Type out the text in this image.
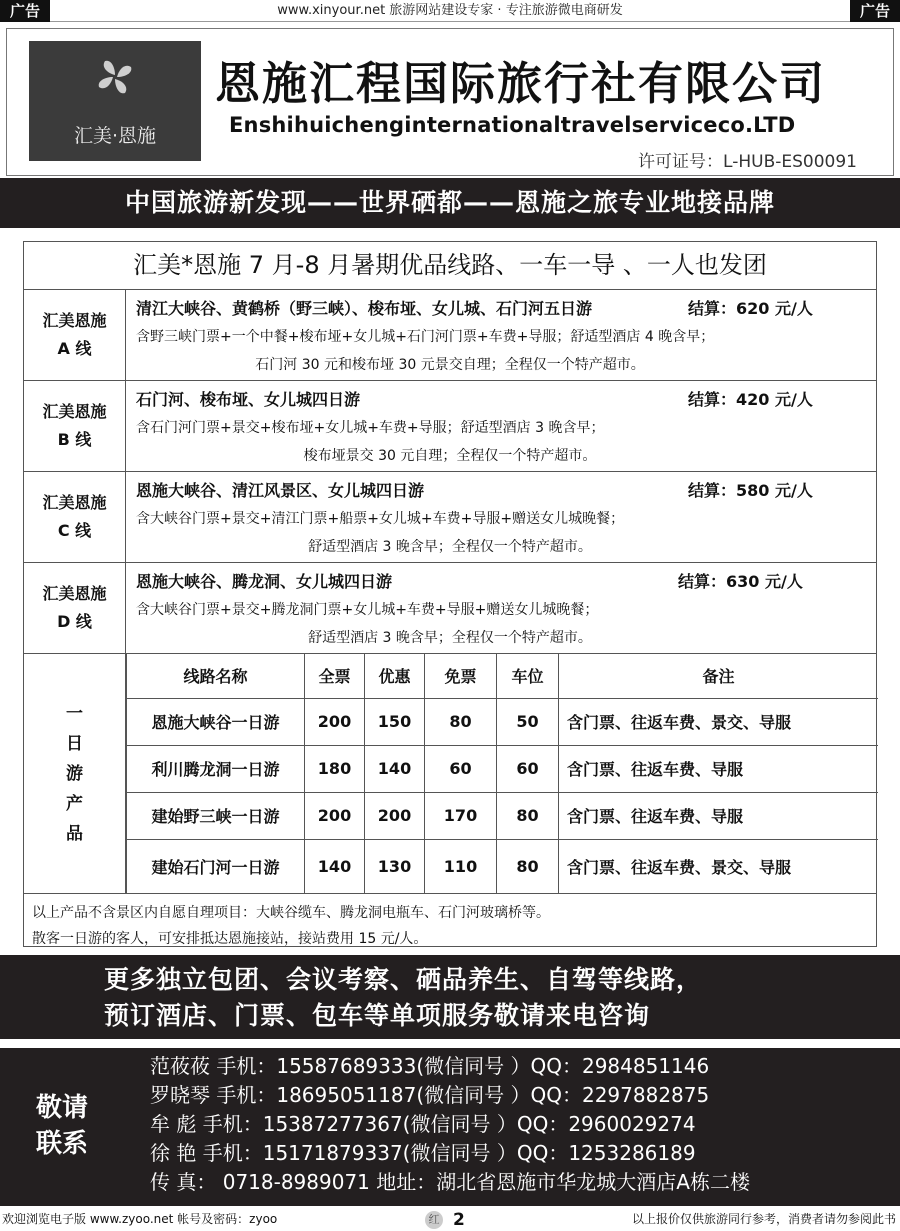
广告	www.xinyour.net 旅游网站建设专家 · 专注旅游微电商研发	广告
汇美·恩施
恩施汇程国际旅行社有限公司
Enshihuichenginternationaltravelserviceco.LTD
许可证号：L-HUB-ES00091
中国旅游新发现——世界硒都——恩施之旅专业地接品牌
汇美*恩施 7 月-8 月暑期优品线路、一车一导 、一人也发团
汇美恩施
A 线
清江大峡谷、黄鹤桥（野三峡）、梭布垭、女儿城、石门河五日游	结算：620 元/人
含野三峡门票+一个中餐+梭布垭+女儿城+石门河门票+车费+导服；舒适型酒店 4 晚含早；
石门河 30 元和梭布垭 30 元景交自理；全程仅一个特产超市。
汇美恩施
B 线
石门河、梭布垭、女儿城四日游	结算：420 元/人
含石门河门票+景交+梭布垭+女儿城+车费+导服；舒适型酒店 3 晚含早；
梭布垭景交 30 元自理；全程仅一个特产超市。
汇美恩施
C 线
恩施大峡谷、清江风景区、女儿城四日游	结算：580 元/人
含大峡谷门票+景交+清江门票+船票+女儿城+车费+导服+赠送女儿城晚餐；
舒适型酒店 3 晚含早；全程仅一个特产超市。
汇美恩施
D 线
恩施大峡谷、腾龙洞、女儿城四日游	结算：630 元/人
含大峡谷门票+景交+腾龙洞门票+女儿城+车费+导服+赠送女儿城晚餐；
舒适型酒店 3 晚含早；全程仅一个特产超市。
一
日
游
产
品
线路名称	全票	优惠	免票	车位	备注
恩施大峡谷一日游	200	150	80	50	含门票、往返车费、景交、导服
利川腾龙洞一日游	180	140	60	60	含门票、往返车费、导服
建始野三峡一日游	200	200	170	80	含门票、往返车费、导服
建始石门河一日游	140	130	110	80	含门票、往返车费、景交、导服
以上产品不含景区内自愿自理项目：大峡谷缆车、腾龙洞电瓶车、石门河玻璃桥等。
散客一日游的客人，可安排抵达恩施接站，接站费用 15 元/人。
更多独立包团、会议考察、硒品养生、自驾等线路，
预订酒店、门票、包车等单项服务敬请来电咨询
敬请
联系
范莜莜 手机：15587689333(微信同号 ）QQ：2984851146
罗晓琴 手机：18695051187(微信同号 ）QQ：2297882875
牟 彪 手机：15387277367(微信同号 ）QQ：2960029274
徐 艳 手机：15171879337(微信同号 ）QQ：1253286189
传 真： 0718-8989071 地址：湖北省恩施市华龙城大酒店A栋二楼
欢迎浏览电子版 www.zyoo.net 帐号及密码：zyoo	红 2	以上报价仅供旅游同行参考，消费者请勿参阅此书
